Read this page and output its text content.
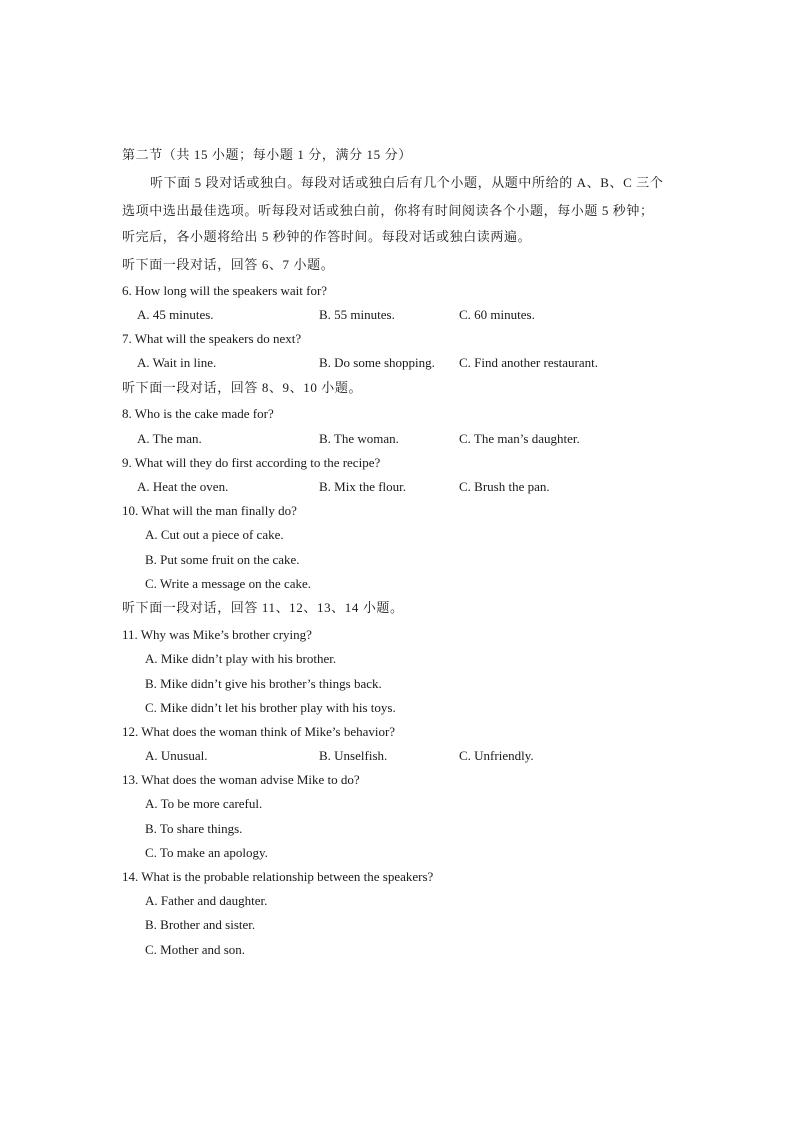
第二节（共 15 小题；每小题 1 分，满分 15 分）
听下面 5 段对话或独白。每段对话或独白后有几个小题，从题中所给的 A、B、C 三个
选项中选出最佳选项。听每段对话或独白前，你将有时间阅读各个小题，每小题 5 秒钟；
听完后，各小题将给出 5 秒钟的作答时间。每段对话或独白读两遍。
听下面一段对话，回答 6、7 小题。
6. How long will the speakers wait for?
A. 45 minutes.	B. 55 minutes.	C. 60 minutes.
7. What will the speakers do next?
A. Wait in line.	B. Do some shopping. C. Find another restaurant.
听下面一段对话，回答 8、9、10 小题。
8. Who is the cake made for?
A. The man.	B. The woman.	C. The man’s daughter.
9. What will they do first according to the recipe?
A. Heat the oven.	B. Mix the flour.	C. Brush the pan.
10. What will the man finally do?
A. Cut out a piece of cake.
B. Put some fruit on the cake.
C. Write a message on the cake.
听下面一段对话，回答 11、12、13、14 小题。
11. Why was Mike’s brother crying?
A. Mike didn’t play with his brother.
B. Mike didn’t give his brother’s things back.
C. Mike didn’t let his brother play with his toys.
12. What does the woman think of Mike’s behavior?
A. Unusual.	B. Unselfish.	C. Unfriendly.
13. What does the woman advise Mike to do?
A. To be more careful.
B. To share things.
C. To make an apology.
14. What is the probable relationship between the speakers?
A. Father and daughter.
B. Brother and sister.
C. Mother and son.
